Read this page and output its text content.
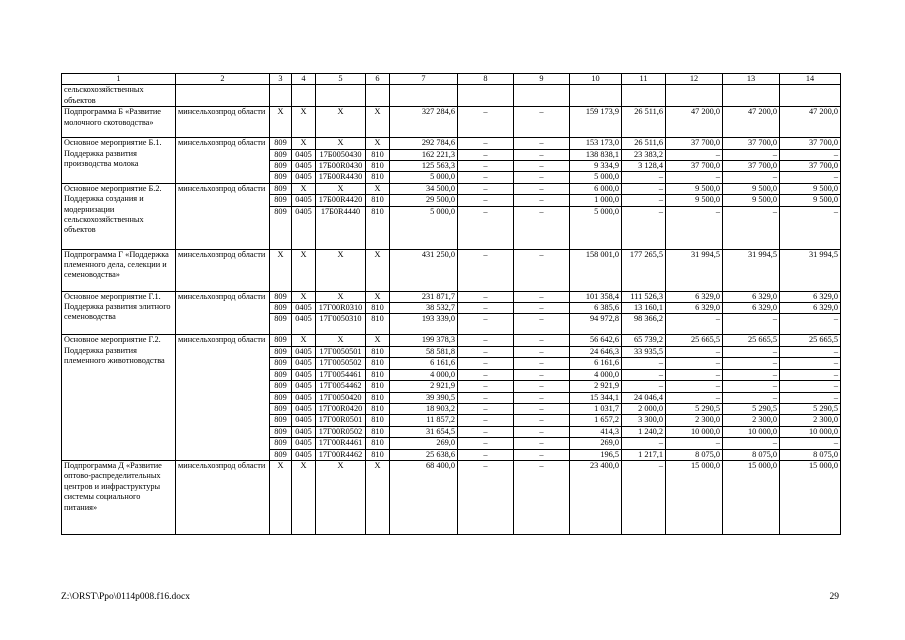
1	2	3	4	5	6	7	8	9	10	11	12	13	14
сельскохозяйственных объектов													
Подпрограмма Б «Развитие молочного скотоводства»	минсельхозпрод области	Х	Х	Х	Х	327 284,6	–	–	159 173,9	26 511,6	47 200,0	47 200,0	47 200,0
Основное мероприятие Б.1. Поддержка развития производства молока	минсельхозпрод области	809	Х	Х	Х	292 784,6	–	–	153 173,0	26 511,6	37 700,0	37 700,0	37 700,0
		809	0405	17Б0050430	810	162 221,3	–	–	138 838,1	23 383,2	–	–	–
		809	0405	17Б00R0430	810	125 563,3	–	–	9 334,9	3 128,4	37 700,0	37 700,0	37 700,0
		809	0405	17Б00R4430	810	5 000,0	–	–	5 000,0	–	–	–	–
Основное мероприятие Б.2. Поддержка создания и модернизации сельскохозяйственных объектов	минсельхозпрод области	809	Х	Х	Х	34 500,0	–	–	6 000,0	–	9 500,0	9 500,0	9 500,0
		809	0405	17Б00R4420	810	29 500,0	–	–	1 000,0	–	9 500,0	9 500,0	9 500,0
		809	0405	17Б0R4440	810	5 000,0	–	–	5 000,0	–	–	–	–
Подпрограмма Г «Поддержка племенного дела, селекции и семеноводства»	минсельхозпрод области	Х	Х	Х	Х	431 250,0	–	–	158 001,0	177 265,5	31 994,5	31 994,5	31 994,5
Основное мероприятие Г.1. Поддержка развития элитного семеноводства	минсельхозпрод области	809	Х	Х	Х	231 871,7	–	–	101 358,4	111 526,3	6 329,0	6 329,0	6 329,0
		809	0405	17Г00R0310	810	38 532,7	–	–	6 385,6	13 160,1	6 329,0	6 329,0	6 329,0
		809	0405	17Г0050310	810	193 339,0	–	–	94 972,8	98 366,2	–	–	–
Основное мероприятие Г.2. Поддержка развития племенного животноводства	минсельхозпрод области	809	Х	Х	Х	199 378,3	–	–	56 642,6	65 739,2	25 665,5	25 665,5	25 665,5
		809	0405	17Г0050501	810	58 581,8	–	–	24 646,3	33 935,5	–	–	–
		809	0405	17Г0050502	810	6 161,6	–	–	6 161,6	–	–	–	–
		809	0405	17Г0054461	810	4 000,0	–	–	4 000,0	–	–	–	–
		809	0405	17Г0054462	810	2 921,9	–	–	2 921,9	–	–	–	–
		809	0405	17Г0050420	810	39 390,5	–	–	15 344,1	24 046,4	–	–	–
		809	0405	17Г00R0420	810	18 903,2	–	–	1 031,7	2 000,0	5 290,5	5 290,5	5 290,5
		809	0405	17Г00R0501	810	11 857,2	–	–	1 657,2	3 300,0	2 300,0	2 300,0	2 300,0
		809	0405	17Г00R0502	810	31 654,5	–	–	414,3	1 240,2	10 000,0	10 000,0	10 000,0
		809	0405	17Г00R4461	810	269,0	–	–	269,0	–	–	–	–
		809	0405	17Г00R4462	810	25 638,6	–	–	196,5	1 217,1	8 075,0	8 075,0	8 075,0
Подпрограмма Д «Развитие оптово-распределительных центров и инфраструктуры системы социального питания»	минсельхозпрод области	Х	Х	Х	Х	68 400,0	–	–	23 400,0	–	15 000,0	15 000,0	15 000,0
Z:\ORST\Ppo\0114p008.f16.docx	29
